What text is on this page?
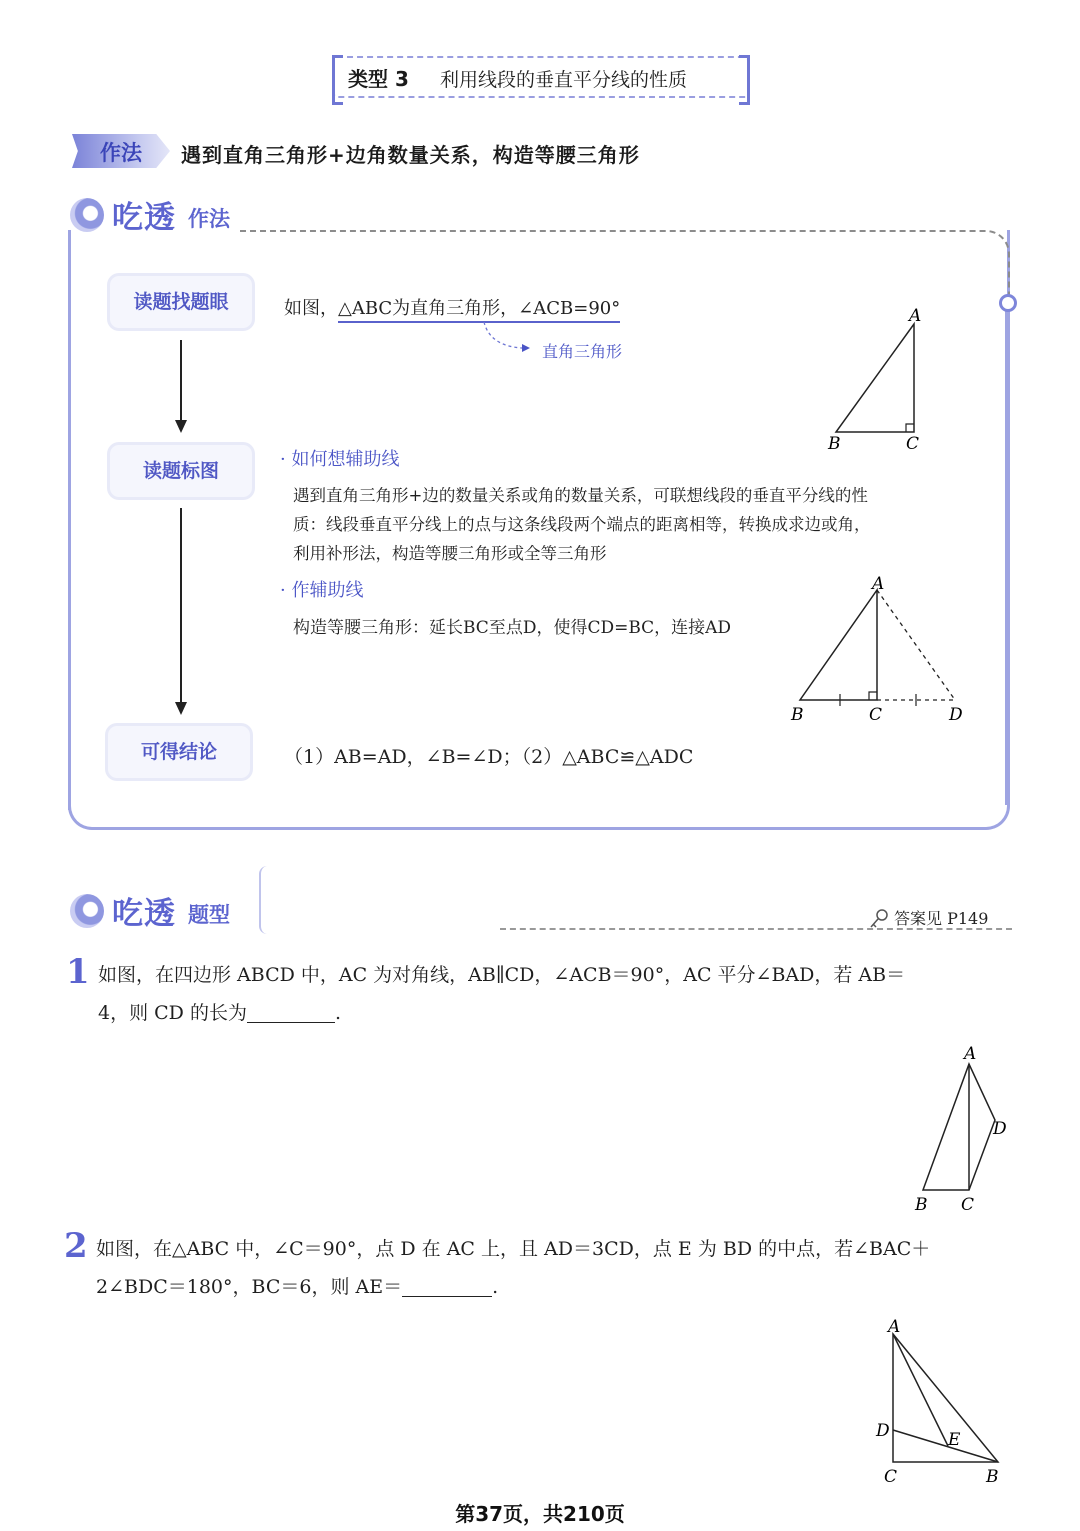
类型 3 利用线段的垂直平分线的性质
作法 遇到直角三角形+边角数量关系，构造等腰三角形
吃透 作法
读题找题眼
读题标图
可得结论
如图，△ABC为直角三角形，∠ACB=90°
直角三角形
A
B	C
· 如何想辅助线
遇到直角三角形+边的数量关系或角的数量关系，可联想线段的垂直平分线的性
质：线段垂直平分线上的点与这条线段两个端点的距离相等，转换成求边或角，
利用补形法，构造等腰三角形或全等三角形
· 作辅助线
构造等腰三角形：延长BC至点D，使得CD=BC，连接AD
A
B	C	D
（1）AB=AD，∠B=∠D；（2）△ABC≌△ADC
吃透 题型	答案见 P149
1 如图，在四边形 ABCD 中，AC 为对角线，AB∥CD，∠ACB＝90°，AC 平分∠BAD，若 AB＝
4，则 CD 的长为	.
A
B C
D
2 如图，在△ABC 中，∠C＝90°，点 D 在 AC 上，且 AD＝3CD，点 E 为 BD 的中点，若∠BAC＋
2∠BDC＝180°，BC＝6，则 AE＝	.
A
B
C
D	E
第37页，共210页
